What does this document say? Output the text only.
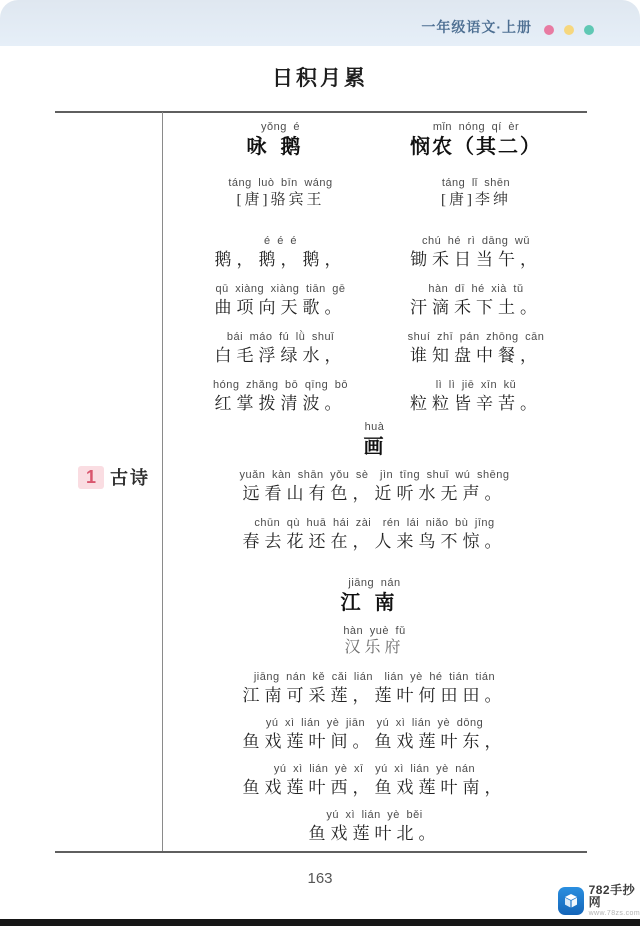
一年级语文·上册
日积月累
1 古诗
yǒng é
咏鹅
táng luò bīn wáng
[唐]骆宾王
é é é
鹅，鹅，鹅，
qū xiàng xiàng tiān gē
曲项向天歌。
bái máo fú lǜ shuǐ
白毛浮绿水，
hóng zhǎng bō qīng bō
红掌拨清波。
mǐn nóng qí èr
悯农（其二）
táng lǐ shēn
[唐]李绅
chú hé rì dāng wǔ
锄禾日当午，
hàn dī hé xià tǔ
汗滴禾下土。
shuí zhī pán zhōng cān
谁知盘中餐，
lì lì jiē xīn kǔ
粒粒皆辛苦。
huà
画
yuǎn kàn shān yǒu sè　jìn tīng shuǐ wú shēng
远看山有色，近听水无声。
chūn qù huā hái zài　rén lái niǎo bù jīng
春去花还在，人来鸟不惊。
jiāng nán
江南
hàn yuè fǔ
汉乐府
jiāng nán kě cǎi lián　lián yè hé tián tián
江南可采莲，莲叶何田田。
yú xì lián yè jiān　yú xì lián yè dōng
鱼戏莲叶间。鱼戏莲叶东，
yú xì lián yè xī　yú xì lián yè nán
鱼戏莲叶西，鱼戏莲叶南，
yú xì lián yè běi
鱼戏莲叶北。
163
782手抄网
www.78zs.com
